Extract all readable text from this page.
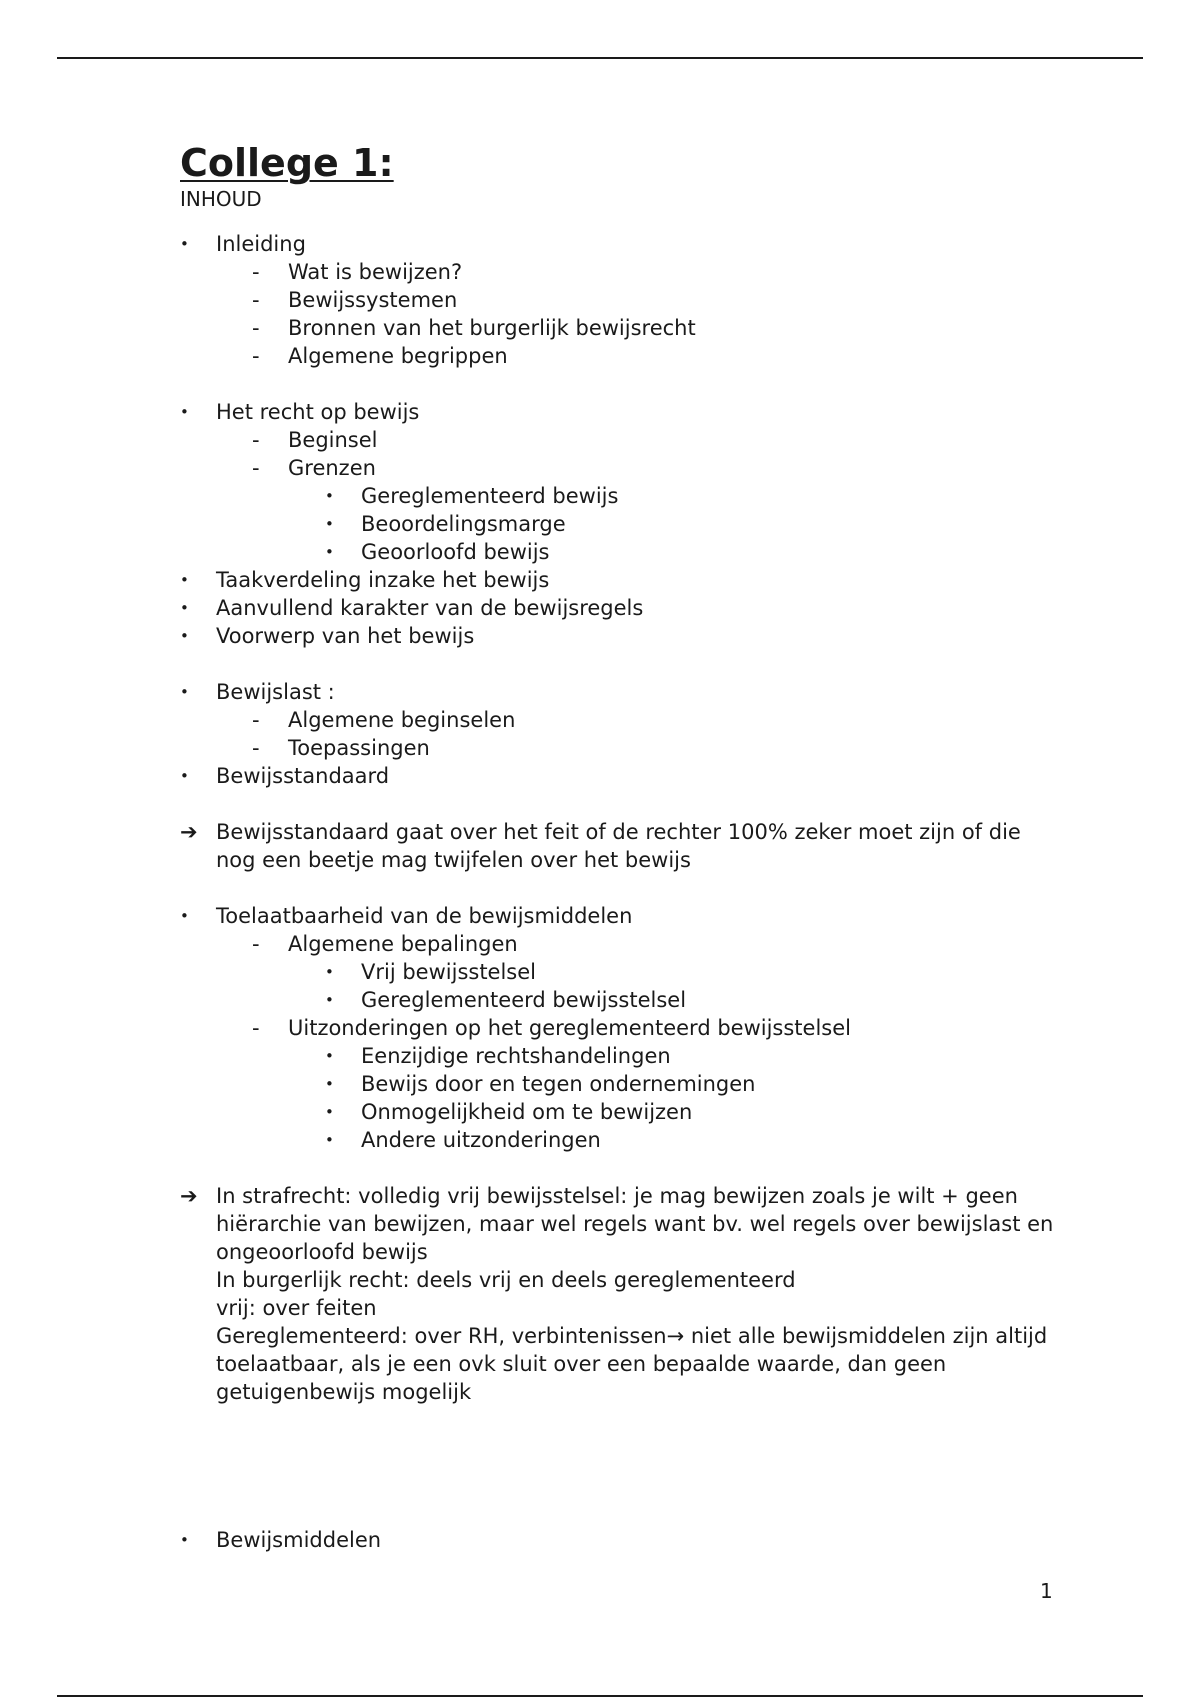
College 1:
INHOUD
• Inleiding
- Wat is bewijzen?
- Bewijssystemen
- Bronnen van het burgerlijk bewijsrecht
- Algemene begrippen
• Het recht op bewijs
- Beginsel
- Grenzen
• Gereglementeerd bewijs
• Beoordelingsmarge
• Geoorloofd bewijs
• Taakverdeling inzake het bewijs
• Aanvullend karakter van de bewijsregels
• Voorwerp van het bewijs
• Bewijslast :
- Algemene beginselen
- Toepassingen
• Bewijsstandaard
➔ Bewijsstandaard gaat over het feit of de rechter 100% zeker moet zijn of die nog een beetje mag twijfelen over het bewijs

• Toelaatbaarheid van de bewijsmiddelen
- Algemene bepalingen
• Vrij bewijsstelsel
• Gereglementeerd bewijsstelsel
- Uitzonderingen op het gereglementeerd bewijsstelsel
• Eenzijdige rechtshandelingen
• Bewijs door en tegen ondernemingen
• Onmogelijkheid om te bewijzen
• Andere uitzonderingen
➔ In strafrecht: volledig vrij bewijsstelsel: je mag bewijzen zoals je wilt + geen hiërarchie van bewijzen, maar wel regels want bv. wel regels over bewijslast en ongeoorloofd bewijs

In burgerlijk recht: deels vrij en deels gereglementeerd

vrij: over feiten

Gereglementeerd: over RH, verbintenissen→ niet alle bewijsmiddelen zijn altijd toelaatbaar, als je een ovk sluit over een bepaalde waarde, dan geen getuigenbewijs mogelijk

• Bewijsmiddelen
1
